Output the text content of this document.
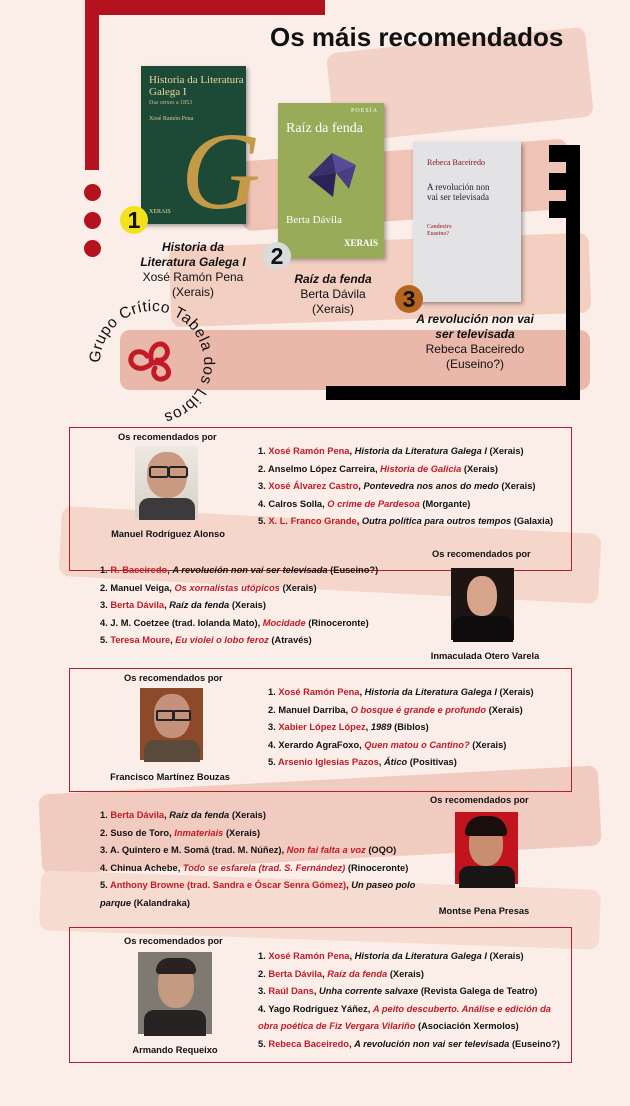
Os máis recomendados
Historia da Literatura Galega I
Das orixes a 1853
Xosé Ramón Pena
G
XERAIS
POESÍA
Raíz da fenda
Berta Dávila
XERAIS
Rebeca Baceiredo
A revolución non vai ser televisada
Candeeiro Euseino?
1
2
3
Historia da Literatura Galega I
Xosé Ramón Pena
(Xerais)
Raíz da fenda
Berta Dávila
(Xerais)
A revolución non vai ser televisada
Rebeca Baceiredo
(Euseino?)
Grupo Crítico Tabela dos Libros
Os recomendados por
Manuel Rodríguez Alonso
1. Xosé Ramón Pena, Historia da Literatura Galega I (Xerais)
2. Anselmo López Carreira, Historia de Galicia (Xerais)
3. Xosé Álvarez Castro, Pontevedra nos anos do medo (Xerais)
4. Calros Solla, O crime de Pardesoa (Morgante)
5. X. L. Franco Grande, Outra política para outros tempos (Galaxia)
Os recomendados por
Inmaculada Otero Varela
1. R. Baceiredo, A revolución non vai ser televisada (Euseino?)
2. Manuel Veiga, Os xornalistas utópicos (Xerais)
3. Berta Dávila, Raíz da fenda (Xerais)
4. J. M. Coetzee (trad. Iolanda Mato), Mocidade (Rinoceronte)
5. Teresa Moure, Eu violei o lobo feroz (Através)
Os recomendados por
Francisco Martínez Bouzas
1. Xosé Ramón Pena, Historia da Literatura Galega I (Xerais)
2. Manuel Darriba, O bosque é grande e profundo (Xerais)
3. Xabier López López, 1989 (Biblos)
4. Xerardo AgraFoxo, Quen matou o Cantino? (Xerais)
5. Arsenio Iglesias Pazos, Ático (Positivas)
Os recomendados por
Montse Pena Presas
1. Berta Dávila, Raíz da fenda (Xerais)
2. Suso de Toro, Inmateriais (Xerais)
3. A. Quintero e M. Somá (trad. M. Núñez), Non fai falta a voz (OQO)
4. Chinua Achebe, Todo se esfarela (trad. S. Fernández) (Rinoceronte)
5. Anthony Browne (trad. Sandra e Óscar Senra Gómez), Un paseo polo parque (Kalandraka)
Os recomendados por
Armando Requeixo
1. Xosé Ramón Pena, Historia da Literatura Galega I (Xerais)
2. Berta Dávila, Raíz da fenda (Xerais)
3. Raúl Dans, Unha corrente salvaxe (Revista Galega de Teatro)
4. Yago Rodríguez Yáñez, A peito descuberto. Análise e edición da obra poética de Fiz Vergara Vilariño (Asociación Xermolos)
5. Rebeca Baceiredo, A revolución non vai ser televisada (Euseino?)
